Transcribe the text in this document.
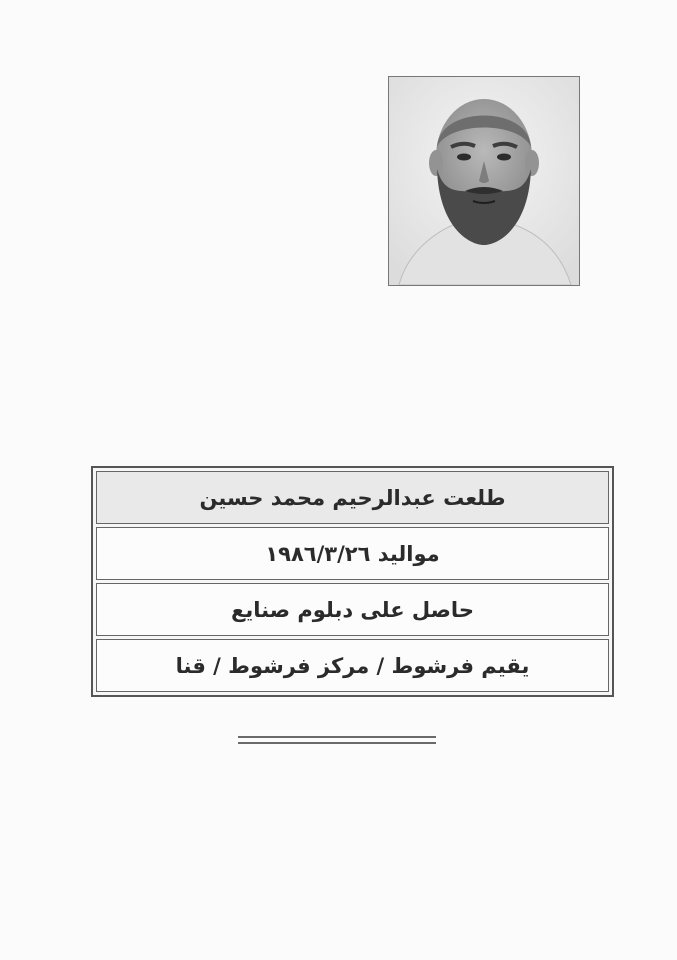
طلعت عبدالرحيم محمد حسين
مواليد ١٩٨٦/٣/٢٦
حاصل على دبلوم صنايع
يقيم فرشوط / مركز فرشوط / قنا
